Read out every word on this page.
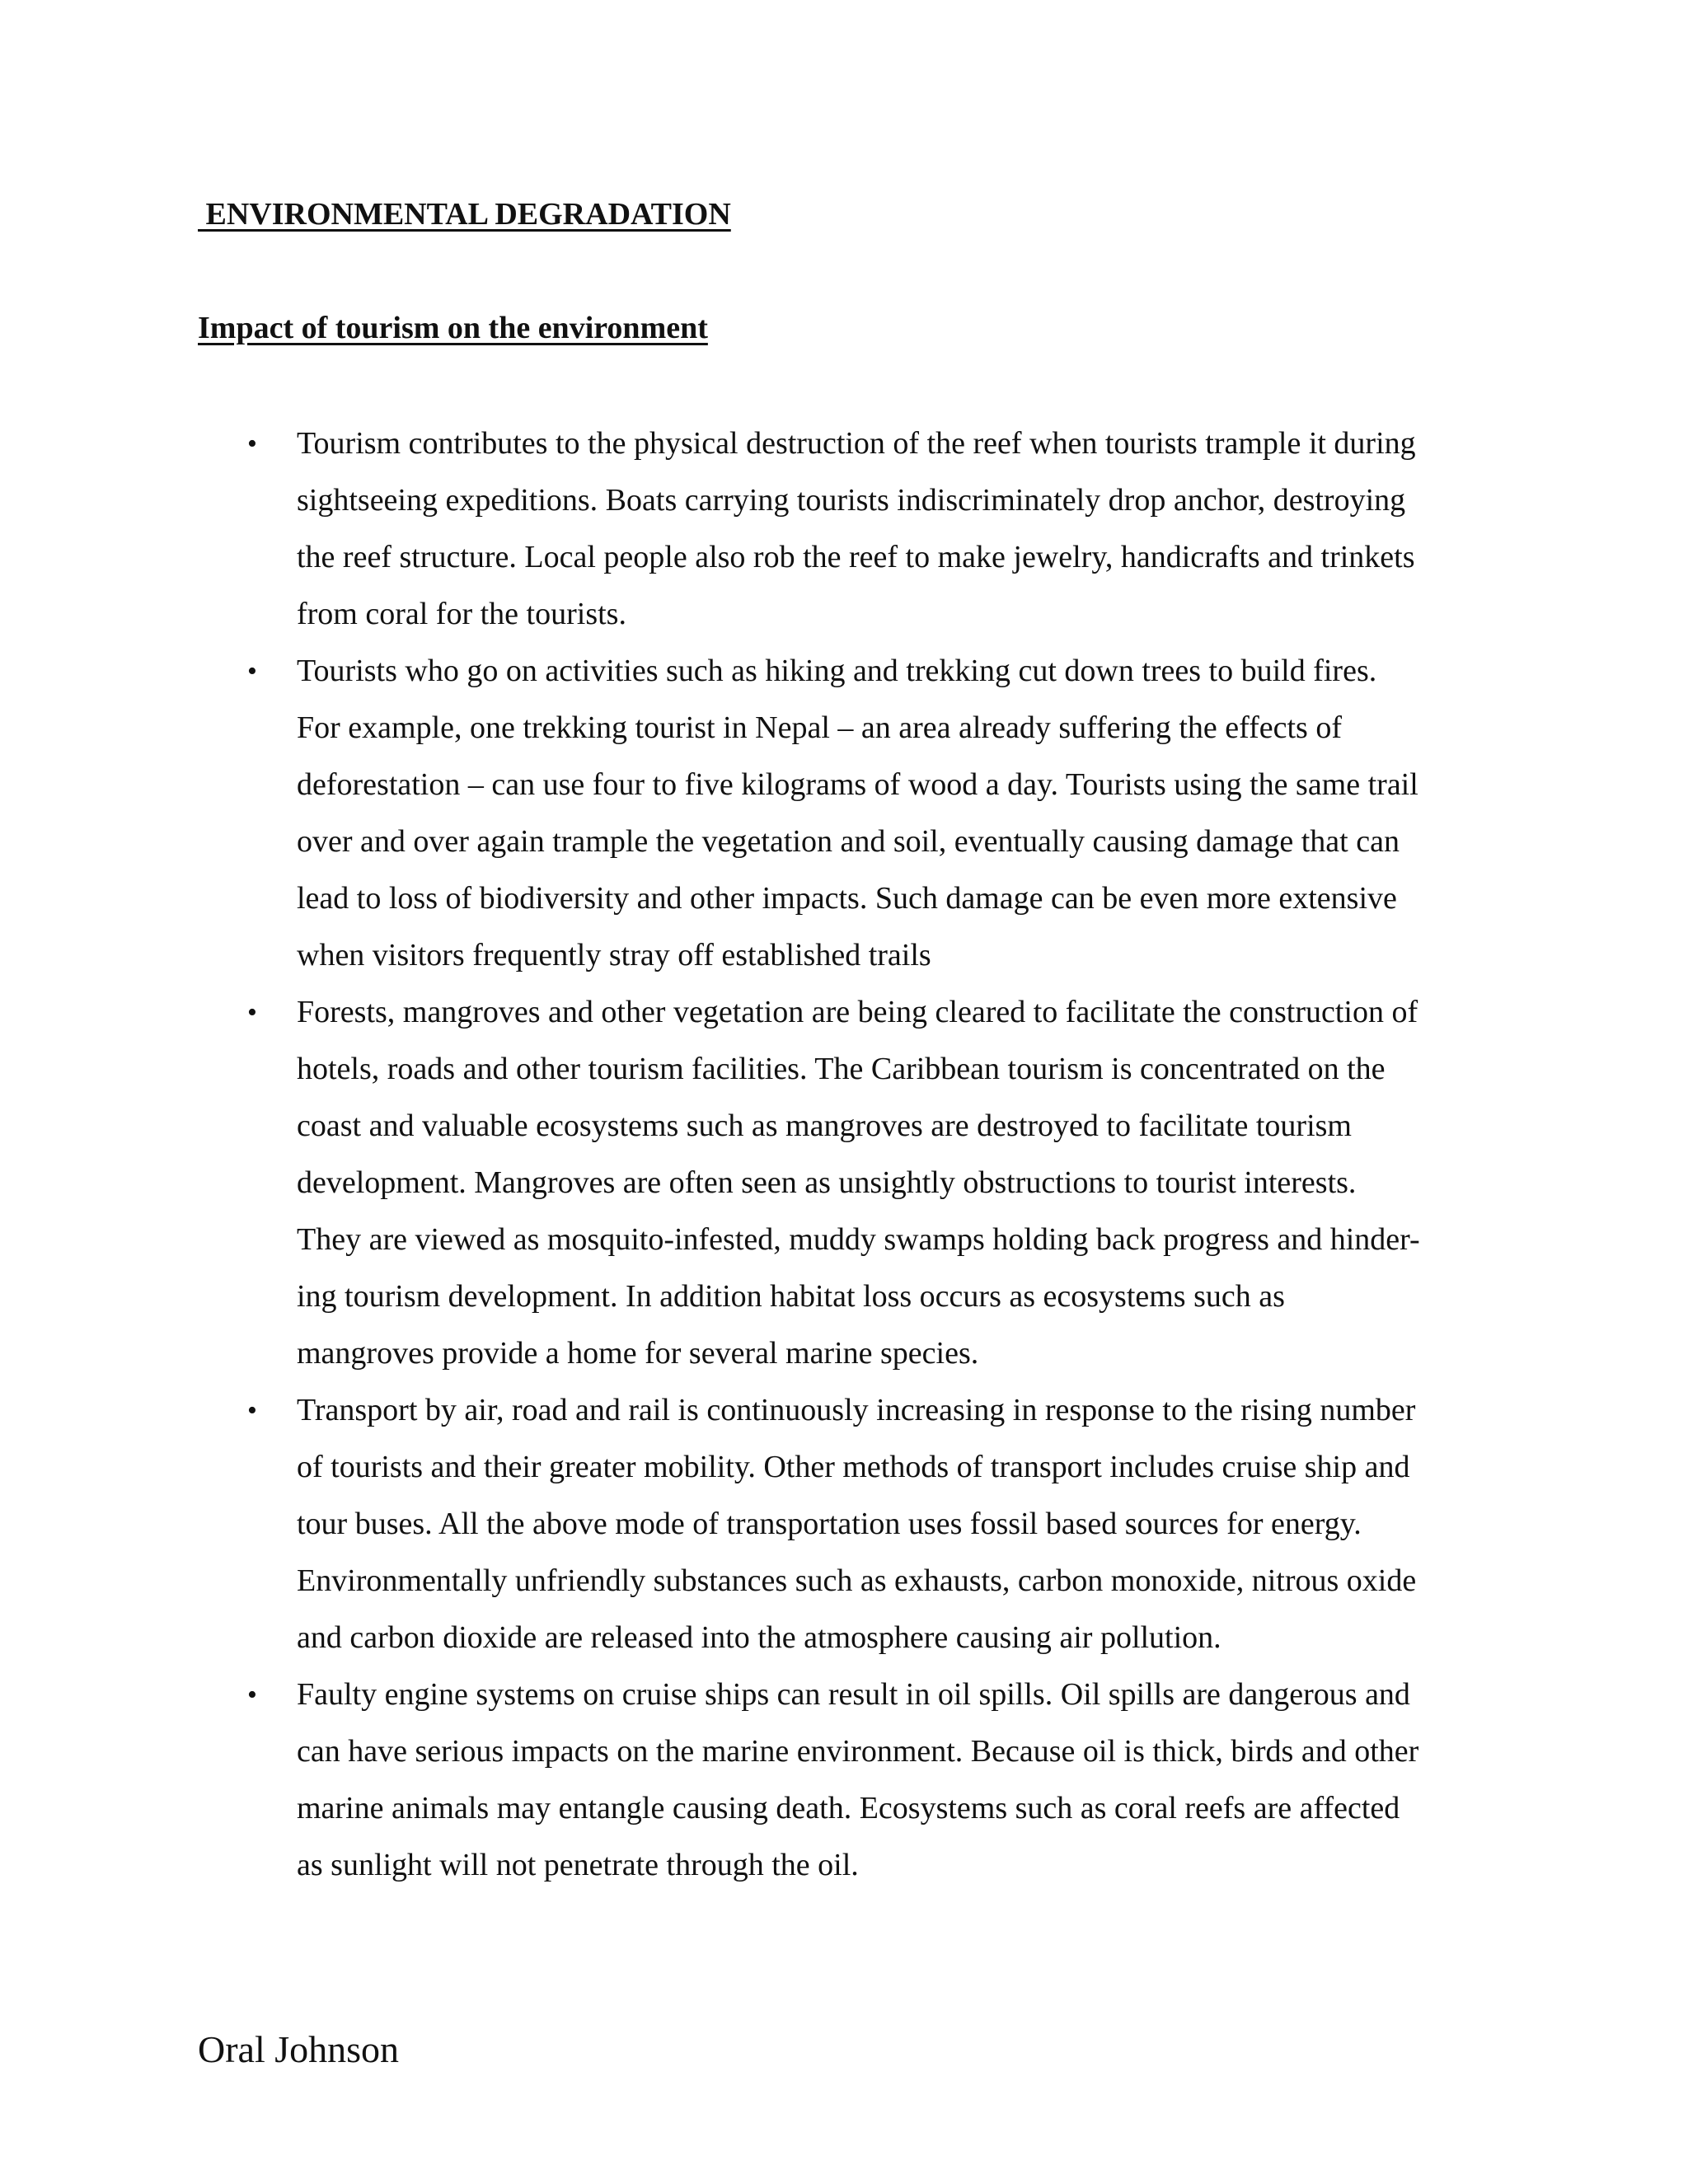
ENVIRONMENTAL DEGRADATION
Impact of tourism on the environment
•	Tourism contributes to the physical destruction of the reef when tourists trample it during
sightseeing expeditions. Boats carrying tourists indiscriminately drop anchor, destroying
the reef structure. Local people also rob the reef to make jewelry, handicrafts and trinkets
from coral for the tourists.
•	Tourists who go on activities such as hiking and trekking cut down trees to build fires.
For example, one trekking tourist in Nepal – an area already suffering the effects of
deforestation – can use four to five kilograms of wood a day. Tourists using the same trail
over and over again trample the vegetation and soil, eventually causing damage that can
lead to loss of biodiversity and other impacts. Such damage can be even more extensive
when visitors frequently stray off established trails
•	Forests, mangroves and other vegetation are being cleared to facilitate the construction of
hotels, roads and other tourism facilities. The Caribbean tourism is concentrated on the
coast and valuable ecosystems such as mangroves are destroyed to facilitate tourism
development. Mangroves are often seen as unsightly obstructions to tourist interests.
They are viewed as mosquito-infested, muddy swamps holding back progress and hinder-
ing tourism development. In addition habitat loss occurs as ecosystems such as
mangroves provide a home for several marine species.
•	Transport by air, road and rail is continuously increasing in response to the rising number
of tourists and their greater mobility. Other methods of transport includes cruise ship and
tour buses. All the above mode of transportation uses fossil based sources for energy.
Environmentally unfriendly substances such as exhausts, carbon monoxide, nitrous oxide
and carbon dioxide are released into the atmosphere causing air pollution.
•	Faulty engine systems on cruise ships can result in oil spills. Oil spills are dangerous and
can have serious impacts on the marine environment. Because oil is thick, birds and other
marine animals may entangle causing death. Ecosystems such as coral reefs are affected
as sunlight will not penetrate through the oil.
Oral Johnson
